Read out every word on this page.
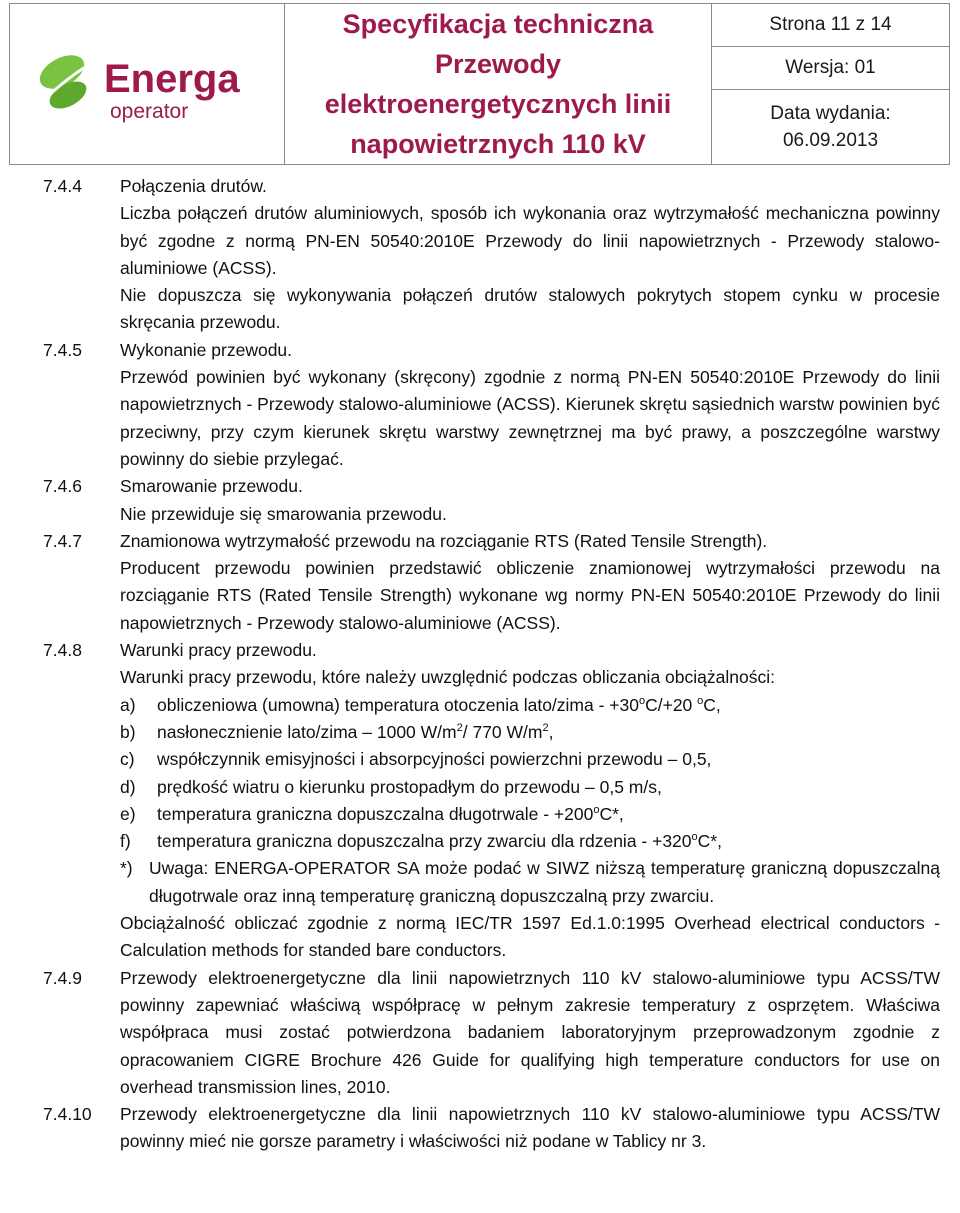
Energa
operator
Specyfikacja techniczna
Przewody
elektroenergetycznych linii
napowietrznych 110 kV
Strona 11 z 14
Wersja: 01
Data wydania:
06.09.2013
7.4.4	Połączenia drutów.
Liczba połączeń drutów aluminiowych, sposób ich wykonania oraz wytrzymałość mechaniczna powinny być zgodne z normą PN-EN 50540:2010E Przewody do linii napowietrznych - Przewody stalowo-aluminiowe (ACSS).
Nie dopuszcza się wykonywania połączeń drutów stalowych pokrytych stopem cynku w procesie skręcania przewodu.
7.4.5	Wykonanie przewodu.
Przewód powinien być wykonany (skręcony) zgodnie z normą PN-EN 50540:2010E Przewody do linii napowietrznych - Przewody stalowo-aluminiowe (ACSS). Kierunek skrętu sąsiednich warstw powinien być przeciwny, przy czym kierunek skrętu warstwy zewnętrznej ma być prawy, a poszczególne warstwy powinny do siebie przylegać.
7.4.6	Smarowanie przewodu.
Nie przewiduje się smarowania przewodu.
7.4.7	Znamionowa wytrzymałość przewodu na rozciąganie RTS (Rated Tensile Strength).
Producent przewodu powinien przedstawić obliczenie znamionowej wytrzymałości przewodu na rozciąganie RTS (Rated Tensile Strength) wykonane wg normy PN-EN 50540:2010E Przewody do linii napowietrznych - Przewody stalowo-aluminiowe (ACSS).
7.4.8	Warunki pracy przewodu.
Warunki pracy przewodu, które należy uwzględnić podczas obliczania obciążalności:
a)	obliczeniowa (umowna) temperatura otoczenia lato/zima - $+30^oC/+20$ $^o$C,
b)	nasłonecznienie lato/zima – 1000 $W/m^2/$ 770 $W/m^2$,
c)	współczynnik emisyjności i absorpcyjności powierzchni przewodu – 0,5,
d)	prędkość wiatru o kierunku prostopadłym do przewodu – 0,5 m/s,
e)	temperatura graniczna dopuszczalna długotrwale - $+200^oC*$,
f)	temperatura graniczna dopuszczalna przy zwarciu dla rdzenia - $+320^oC*$,
*) Uwaga: ENERGA-OPERATOR SA może podać w SIWZ niższą temperaturę graniczną dopuszczalną długotrwale oraz inną temperaturę graniczną dopuszczalną przy zwarciu.
Obciążalność obliczać zgodnie z normą IEC/TR 1597 Ed.1.0:1995 Overhead electrical conductors - Calculation methods for standed bare conductors.
7.4.9	Przewody elektroenergetyczne dla linii napowietrznych 110 kV stalowo-aluminiowe typu ACSS/TW powinny zapewniać właściwą współpracę w pełnym zakresie temperatury z osprzętem. Właściwa współpraca musi zostać potwierdzona badaniem laboratoryjnym przeprowadzonym zgodnie z opracowaniem CIGRE Brochure 426 Guide for qualifying high temperature conductors for use on overhead transmission lines, 2010.
7.4.10	Przewody elektroenergetyczne dla linii napowietrznych 110 kV stalowo-aluminiowe typu ACSS/TW powinny mieć nie gorsze parametry i właściwości niż podane w Tablicy nr 3.
